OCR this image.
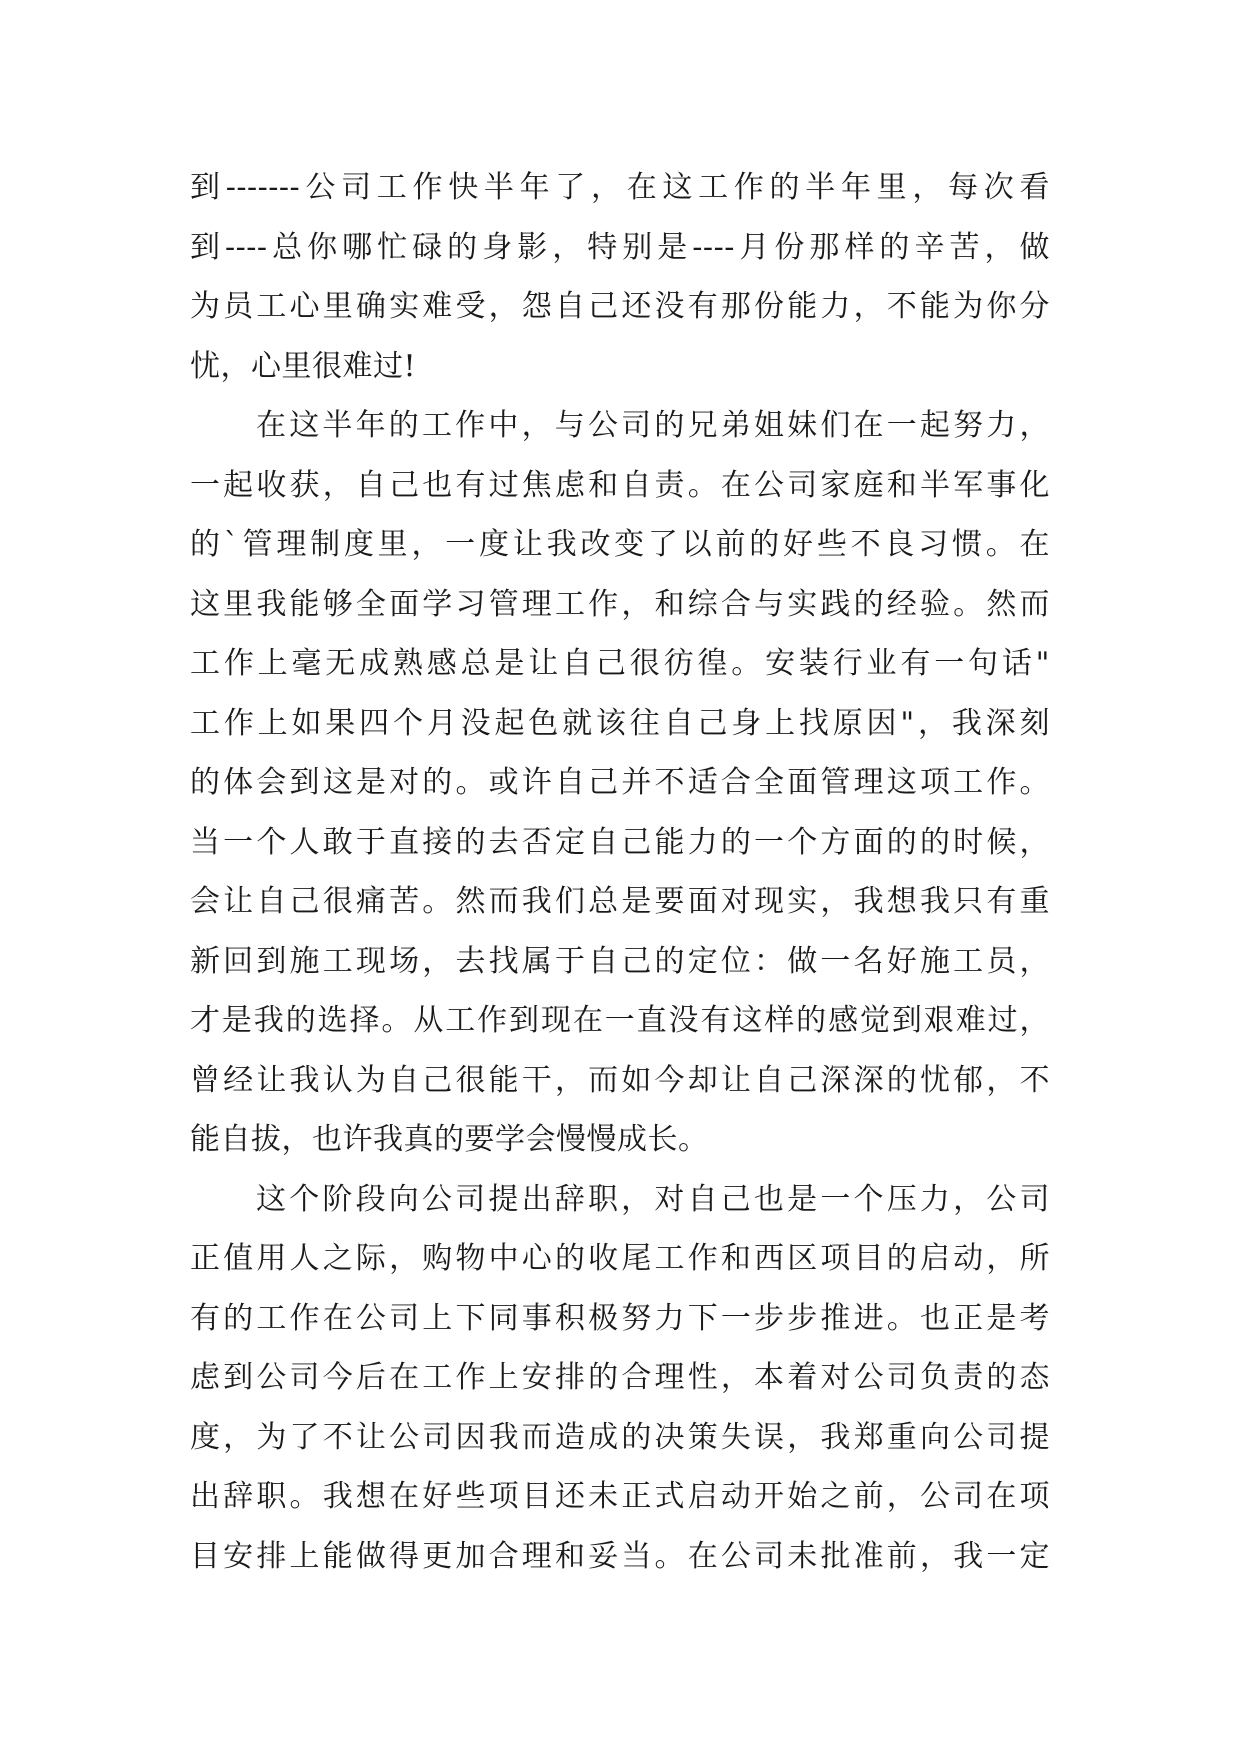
到-------公司工作快半年了，在这工作的半年里，每次看
到----总你哪忙碌的身影，特别是----月份那样的辛苦，做
为员工心里确实难受，怨自己还没有那份能力，不能为你分
忧，心里很难过!
在这半年的工作中，与公司的兄弟姐妹们在一起努力，
一起收获，自己也有过焦虑和自责。在公司家庭和半军事化
的`管理制度里，一度让我改变了以前的好些不良习惯。在
这里我能够全面学习管理工作，和综合与实践的经验。然而
工作上毫无成熟感总是让自己很彷徨。安装行业有一句话"
工作上如果四个月没起色就该往自己身上找原因"，我深刻
的体会到这是对的。或许自己并不适合全面管理这项工作。
当一个人敢于直接的去否定自己能力的一个方面的的时候，
会让自己很痛苦。然而我们总是要面对现实，我想我只有重
新回到施工现场，去找属于自己的定位：做一名好施工员，
才是我的选择。从工作到现在一直没有这样的感觉到艰难过，
曾经让我认为自己很能干，而如今却让自己深深的忧郁，不
能自拔，也许我真的要学会慢慢成长。
这个阶段向公司提出辞职，对自己也是一个压力，公司
正值用人之际，购物中心的收尾工作和西区项目的启动，所
有的工作在公司上下同事积极努力下一步步推进。也正是考
虑到公司今后在工作上安排的合理性，本着对公司负责的态
度，为了不让公司因我而造成的决策失误，我郑重向公司提
出辞职。我想在好些项目还未正式启动开始之前，公司在项
目安排上能做得更加合理和妥当。在公司未批准前，我一定
